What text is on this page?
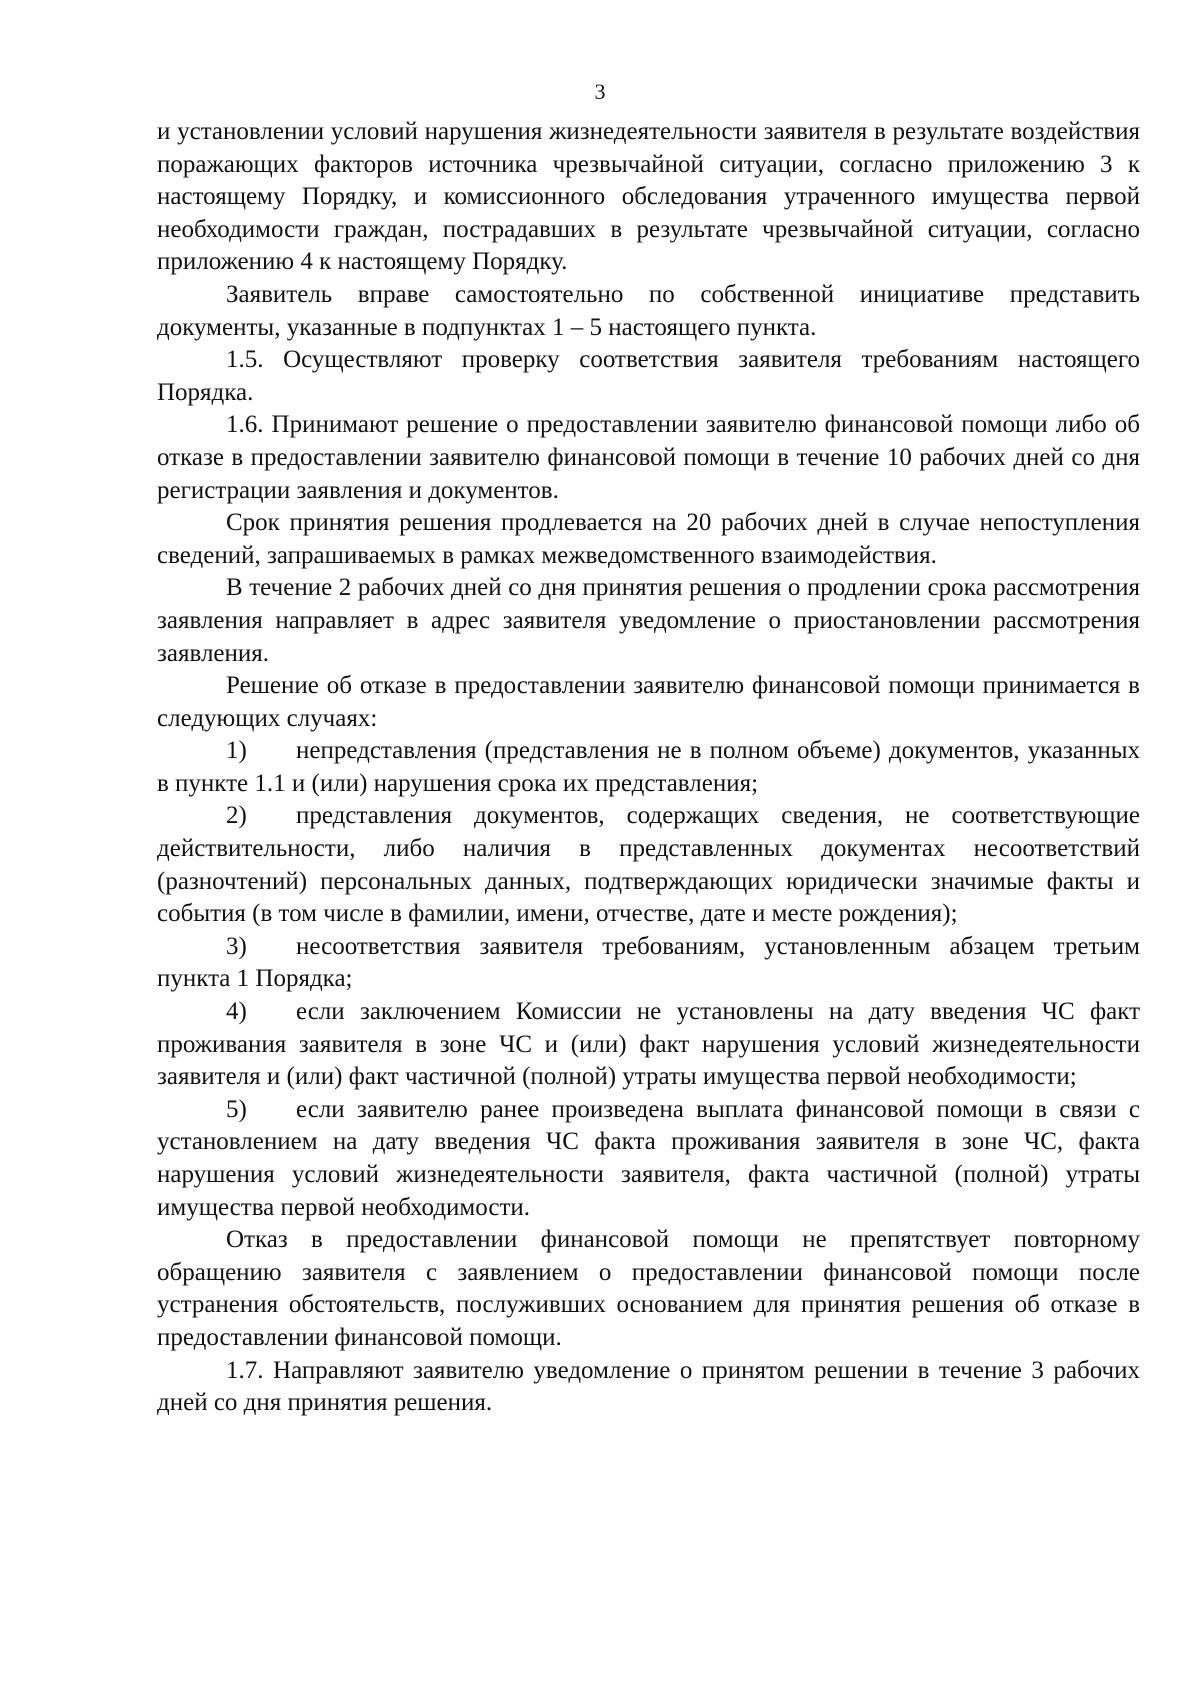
3

и установлении условий нарушения жизнедеятельности заявителя в результате воздействия поражающих факторов источника чрезвычайной ситуации, согласно приложению 3 к настоящему Порядку, и комиссионного обследования утраченного имущества первой необходимости граждан, пострадавших в результате чрезвычайной ситуации, согласно приложению 4 к настоящему Порядку.

Заявитель вправе самостоятельно по собственной инициативе представить документы, указанные в подпунктах 1 – 5 настоящего пункта.

1.5. Осуществляют проверку соответствия заявителя требованиям настоящего Порядка.

1.6. Принимают решение о предоставлении заявителю финансовой помощи либо об отказе в предоставлении заявителю финансовой помощи в течение 10 рабочих дней со дня регистрации заявления и документов.

Срок принятия решения продлевается на 20 рабочих дней в случае непоступления сведений, запрашиваемых в рамках межведомственного взаимодействия.

В течение 2 рабочих дней со дня принятия решения о продлении срока рассмотрения заявления направляет в адрес заявителя уведомление о приостановлении рассмотрения заявления.

Решение об отказе в предоставлении заявителю финансовой помощи принимается в следующих случаях:

1) непредставления (представления не в полном объеме) документов, указанных в пункте 1.1 и (или) нарушения срока их представления;

2) представления документов, содержащих сведения, не соответствующие действительности, либо наличия в представленных документах несоответствий (разночтений) персональных данных, подтверждающих юридически значимые факты и события (в том числе в фамилии, имени, отчестве, дате и месте рождения);

3) несоответствия заявителя требованиям, установленным абзацем третьим пункта 1 Порядка;

4) если заключением Комиссии не установлены на дату введения ЧС факт проживания заявителя в зоне ЧС и (или) факт нарушения условий жизнедеятельности заявителя и (или) факт частичной (полной) утраты имущества первой необходимости;

5) если заявителю ранее произведена выплата финансовой помощи в связи с установлением на дату введения ЧС факта проживания заявителя в зоне ЧС, факта нарушения условий жизнедеятельности заявителя, факта частичной (полной) утраты имущества первой необходимости.

Отказ в предоставлении финансовой помощи не препятствует повторному обращению заявителя с заявлением о предоставлении финансовой помощи после устранения обстоятельств, послуживших основанием для принятия решения об отказе в предоставлении финансовой помощи.

1.7. Направляют заявителю уведомление о принятом решении в течение 3 рабочих дней со дня принятия решения.
